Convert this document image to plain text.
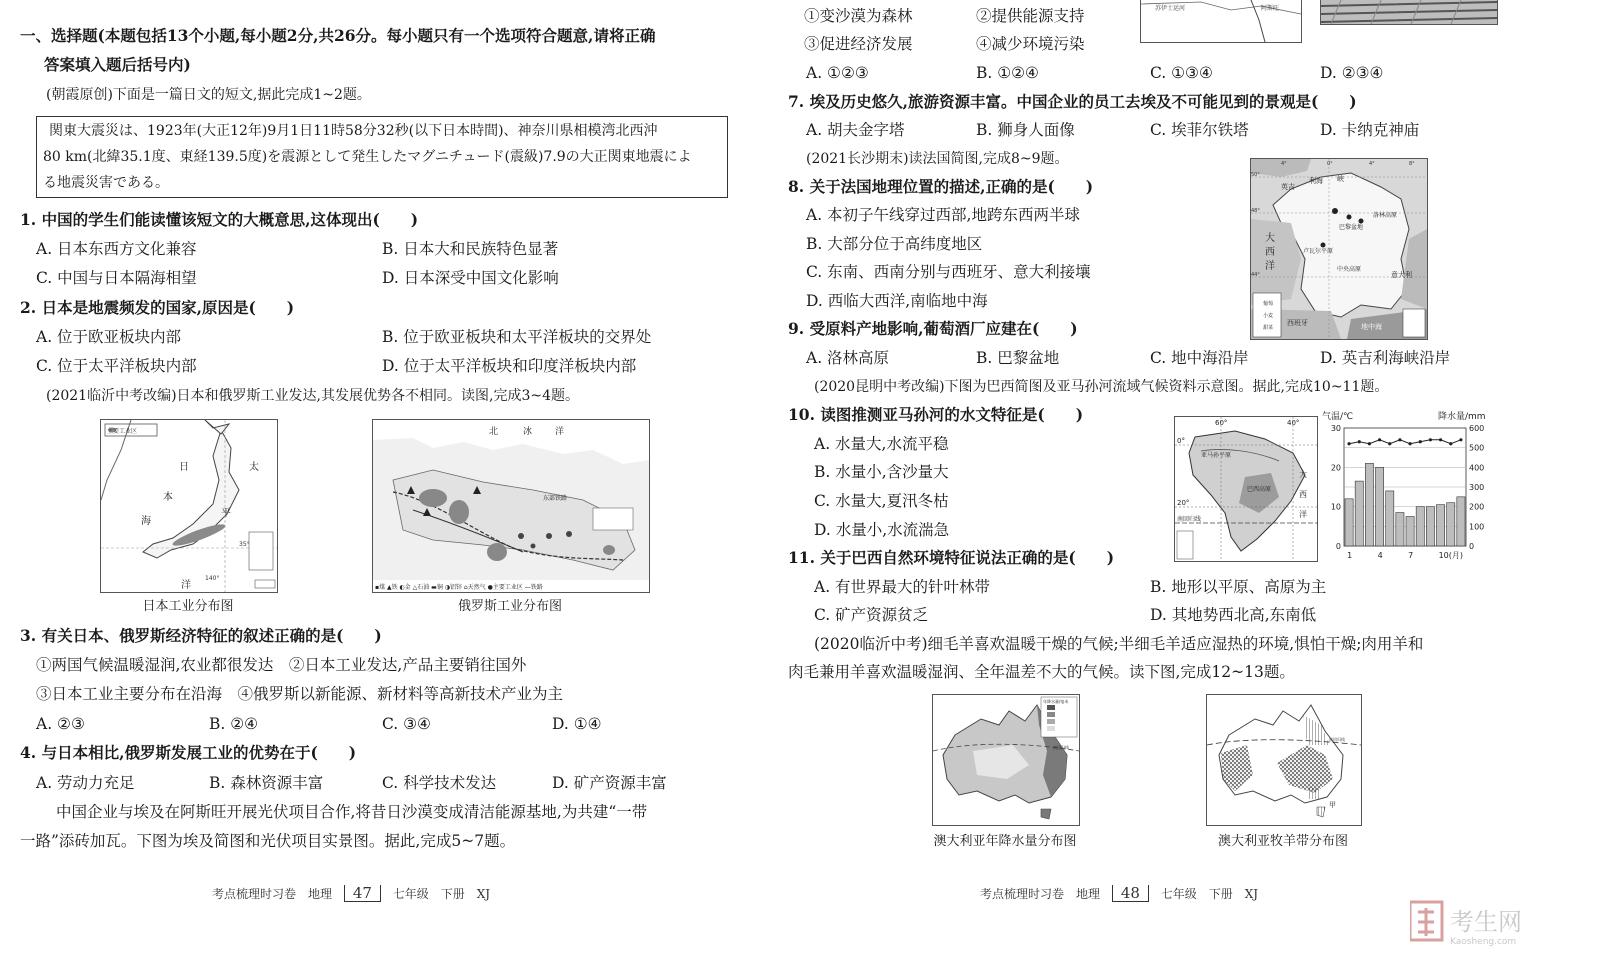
一、选择题(本题包括13个小题,每小题2分,共26分。每小题只有一个选项符合题意,请将正确
答案填入题后括号内)
(朝霞原创)下面是一篇日文的短文,据此完成1~2题。
関東大震災は、1923年(大正12年)9月1日11時58分32秒(以下日本時間)、神奈川県相模湾北西沖
80 km(北緯35.1度、東経139.5度)を震源として発生したマグニチュード(震級)7.9の大正関東地震によ
る地震災害である。
1. 中国的学生们能读懂该短文的大概意思,这体现出(　　)
A. 日本东西方文化兼容	B. 日本大和民族特色显著
C. 中国与日本隔海相望	D. 日本深受中国文化影响
2. 日本是地震频发的国家,原因是(　　)
A. 位于欧亚板块内部	B. 位于欧亚板块和太平洋板块的交界处
C. 位于太平洋板块内部	D. 位于太平洋板块和印度洋板块内部
(2021临沂中考改编)日本和俄罗斯工业发达,其发展优势各不相同。读图,完成3~4题。
主要工业区
日
本
海
太
平
洋
35°
140°
日本工业分布图
北	冰	洋
东部铁路
▪煤 ▲铁 ◐金 △石油 ▬铜 ◑铝锌 ⌂天然气 ●主要工业区 —铁路
俄罗斯工业分布图
3. 有关日本、俄罗斯经济特征的叙述正确的是(　　)
①两国气候温暖湿润,农业都很发达　②日本工业发达,产品主要销往国外
③日本工业主要分布在沿海　④俄罗斯以新能源、新材料等高新技术产业为主
A. ②③	B. ②④	C. ③④	D. ①④
4. 与日本相比,俄罗斯发展工业的优势在于(　　)
A. 劳动力充足	B. 森林资源丰富	C. 科学技术发达	D. 矿产资源丰富
中国企业与埃及在阿斯旺开展光伏项目合作,将昔日沙漠变成清洁能源基地,为共建“一带
一路”添砖加瓦。下图为埃及简图和光伏项目实景图。据此,完成5~7题。
考点梳理时习卷　地理 47 七年级　下册　XJ
①变沙漠为森林	②提供能源支持
③促进经济发展	④减少环境污染
苏伊士运河	阿斯旺
A. ①②③	B. ①②④	C. ①③④	D. ②③④
7. 埃及历史悠久,旅游资源丰富。中国企业的员工去埃及不可能见到的景观是(　　)
A. 胡夫金字塔	B. 狮身人面像	C. 埃菲尔铁塔	D. 卡纳克神庙
(2021长沙期末)读法国简图,完成8~9题。
8. 关于法国地理位置的描述,正确的是(　　)
A. 本初子午线穿过西部,地跨东西两半球
B. 大部分位于高纬度地区
C. 东南、西南分别与西班牙、意大利接壤
D. 西临大西洋,南临地中海
4°	0°	4°	8°
50°
48°
44°
英吉
利海 峡
巴黎盆地
洛林高原
大
西
洋
卢瓦尔平原
中央高原
意大利
西班牙	地中海
葡萄
小麦
甜菜
9. 受原料产地影响,葡萄酒厂应建在(　　)
A. 洛林高原	B. 巴黎盆地	C. 地中海沿岸	D. 英吉利海峡沿岸
(2020昆明中考改编)下图为巴西简图及亚马孙河流域气候资料示意图。据此,完成10~11题。
10. 读图推测亚马孙河的水文特征是(　　)
A. 水量大,水流平稳
B. 水量小,含沙量大
C. 水量大,夏汛冬枯
D. 水量小,水流湍急
60°	40°
0°
20°
亚马孙平原
巴西高原
大
西
洋
南回归线
气温/℃	降水量/mm
30
20
10
0
600
500
400
300
200
100
0
1	4	7	10(月)
11. 关于巴西自然环境特征说法正确的是(　　)
A. 有世界最大的针叶林带	B. 地形以平原、高原为主
C. 矿产资源贫乏	D. 其地势西北高,东南低
(2020临沂中考)细毛羊喜欢温暖干燥的气候;半细毛羊适应湿热的环境,惧怕干燥;肉用羊和
肉毛兼用羊喜欢温暖湿润、全年温差不大的气候。读下图,完成12~13题。
年降水量/毫米
南回归线
澳大利亚年降水量分布图
南回归线
甲
澳大利亚牧羊带分布图
考点梳理时习卷　地理 48 七年级　下册　XJ
考生网
Kaosheng.com
